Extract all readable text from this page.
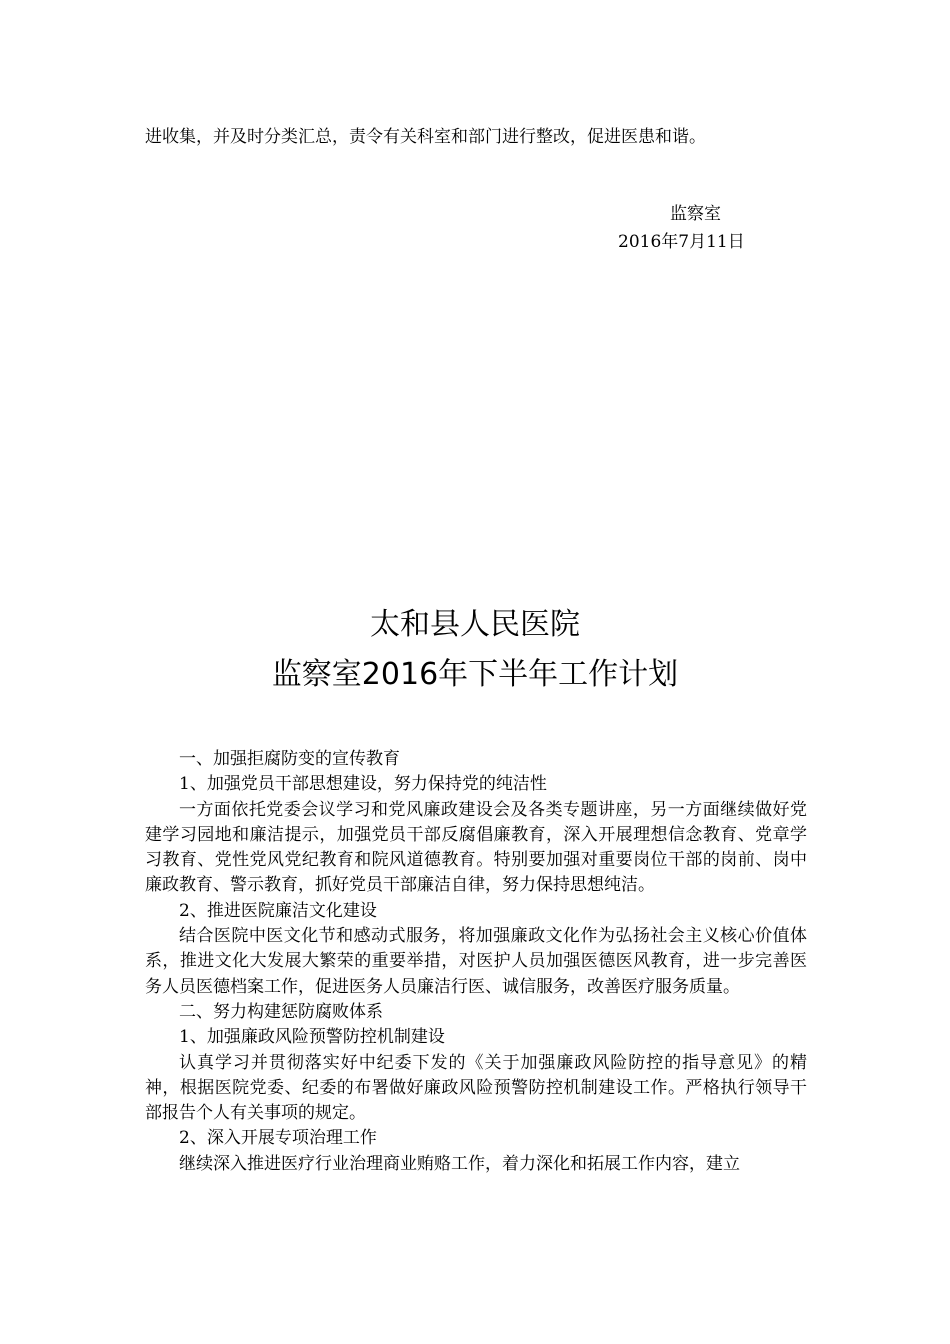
进收集，并及时分类汇总，责令有关科室和部门进行整改，促进医患和谐。
监察室
2016年7月11日
太和县人民医院
监察室2016年下半年工作计划

一、加强拒腐防变的宣传教育

1、加强党员干部思想建设，努力保持党的纯洁性

一方面依托党委会议学习和党风廉政建设会及各类专题讲座，另一方面继续做好党建学习园地和廉洁提示，加强党员干部反腐倡廉教育，深入开展理想信念教育、党章学习教育、党性党风党纪教育和院风道德教育。特别要加强对重要岗位干部的岗前、岗中廉政教育、警示教育，抓好党员干部廉洁自律，努力保持思想纯洁。

2、推进医院廉洁文化建设

结合医院中医文化节和感动式服务，将加强廉政文化作为弘扬社会主义核心价值体系，推进文化大发展大繁荣的重要举措，对医护人员加强医德医风教育，进一步完善医务人员医德档案工作，促进医务人员廉洁行医、诚信服务，改善医疗服务质量。

二、努力构建惩防腐败体系

1、加强廉政风险预警防控机制建设

认真学习并贯彻落实好中纪委下发的《关于加强廉政风险防控的指导意见》的精神，根据医院党委、纪委的布署做好廉政风险预警防控机制建设工作。严格执行领导干部报告个人有关事项的规定。

2、深入开展专项治理工作

继续深入推进医疗行业治理商业贿赂工作，着力深化和拓展工作内容，建立
